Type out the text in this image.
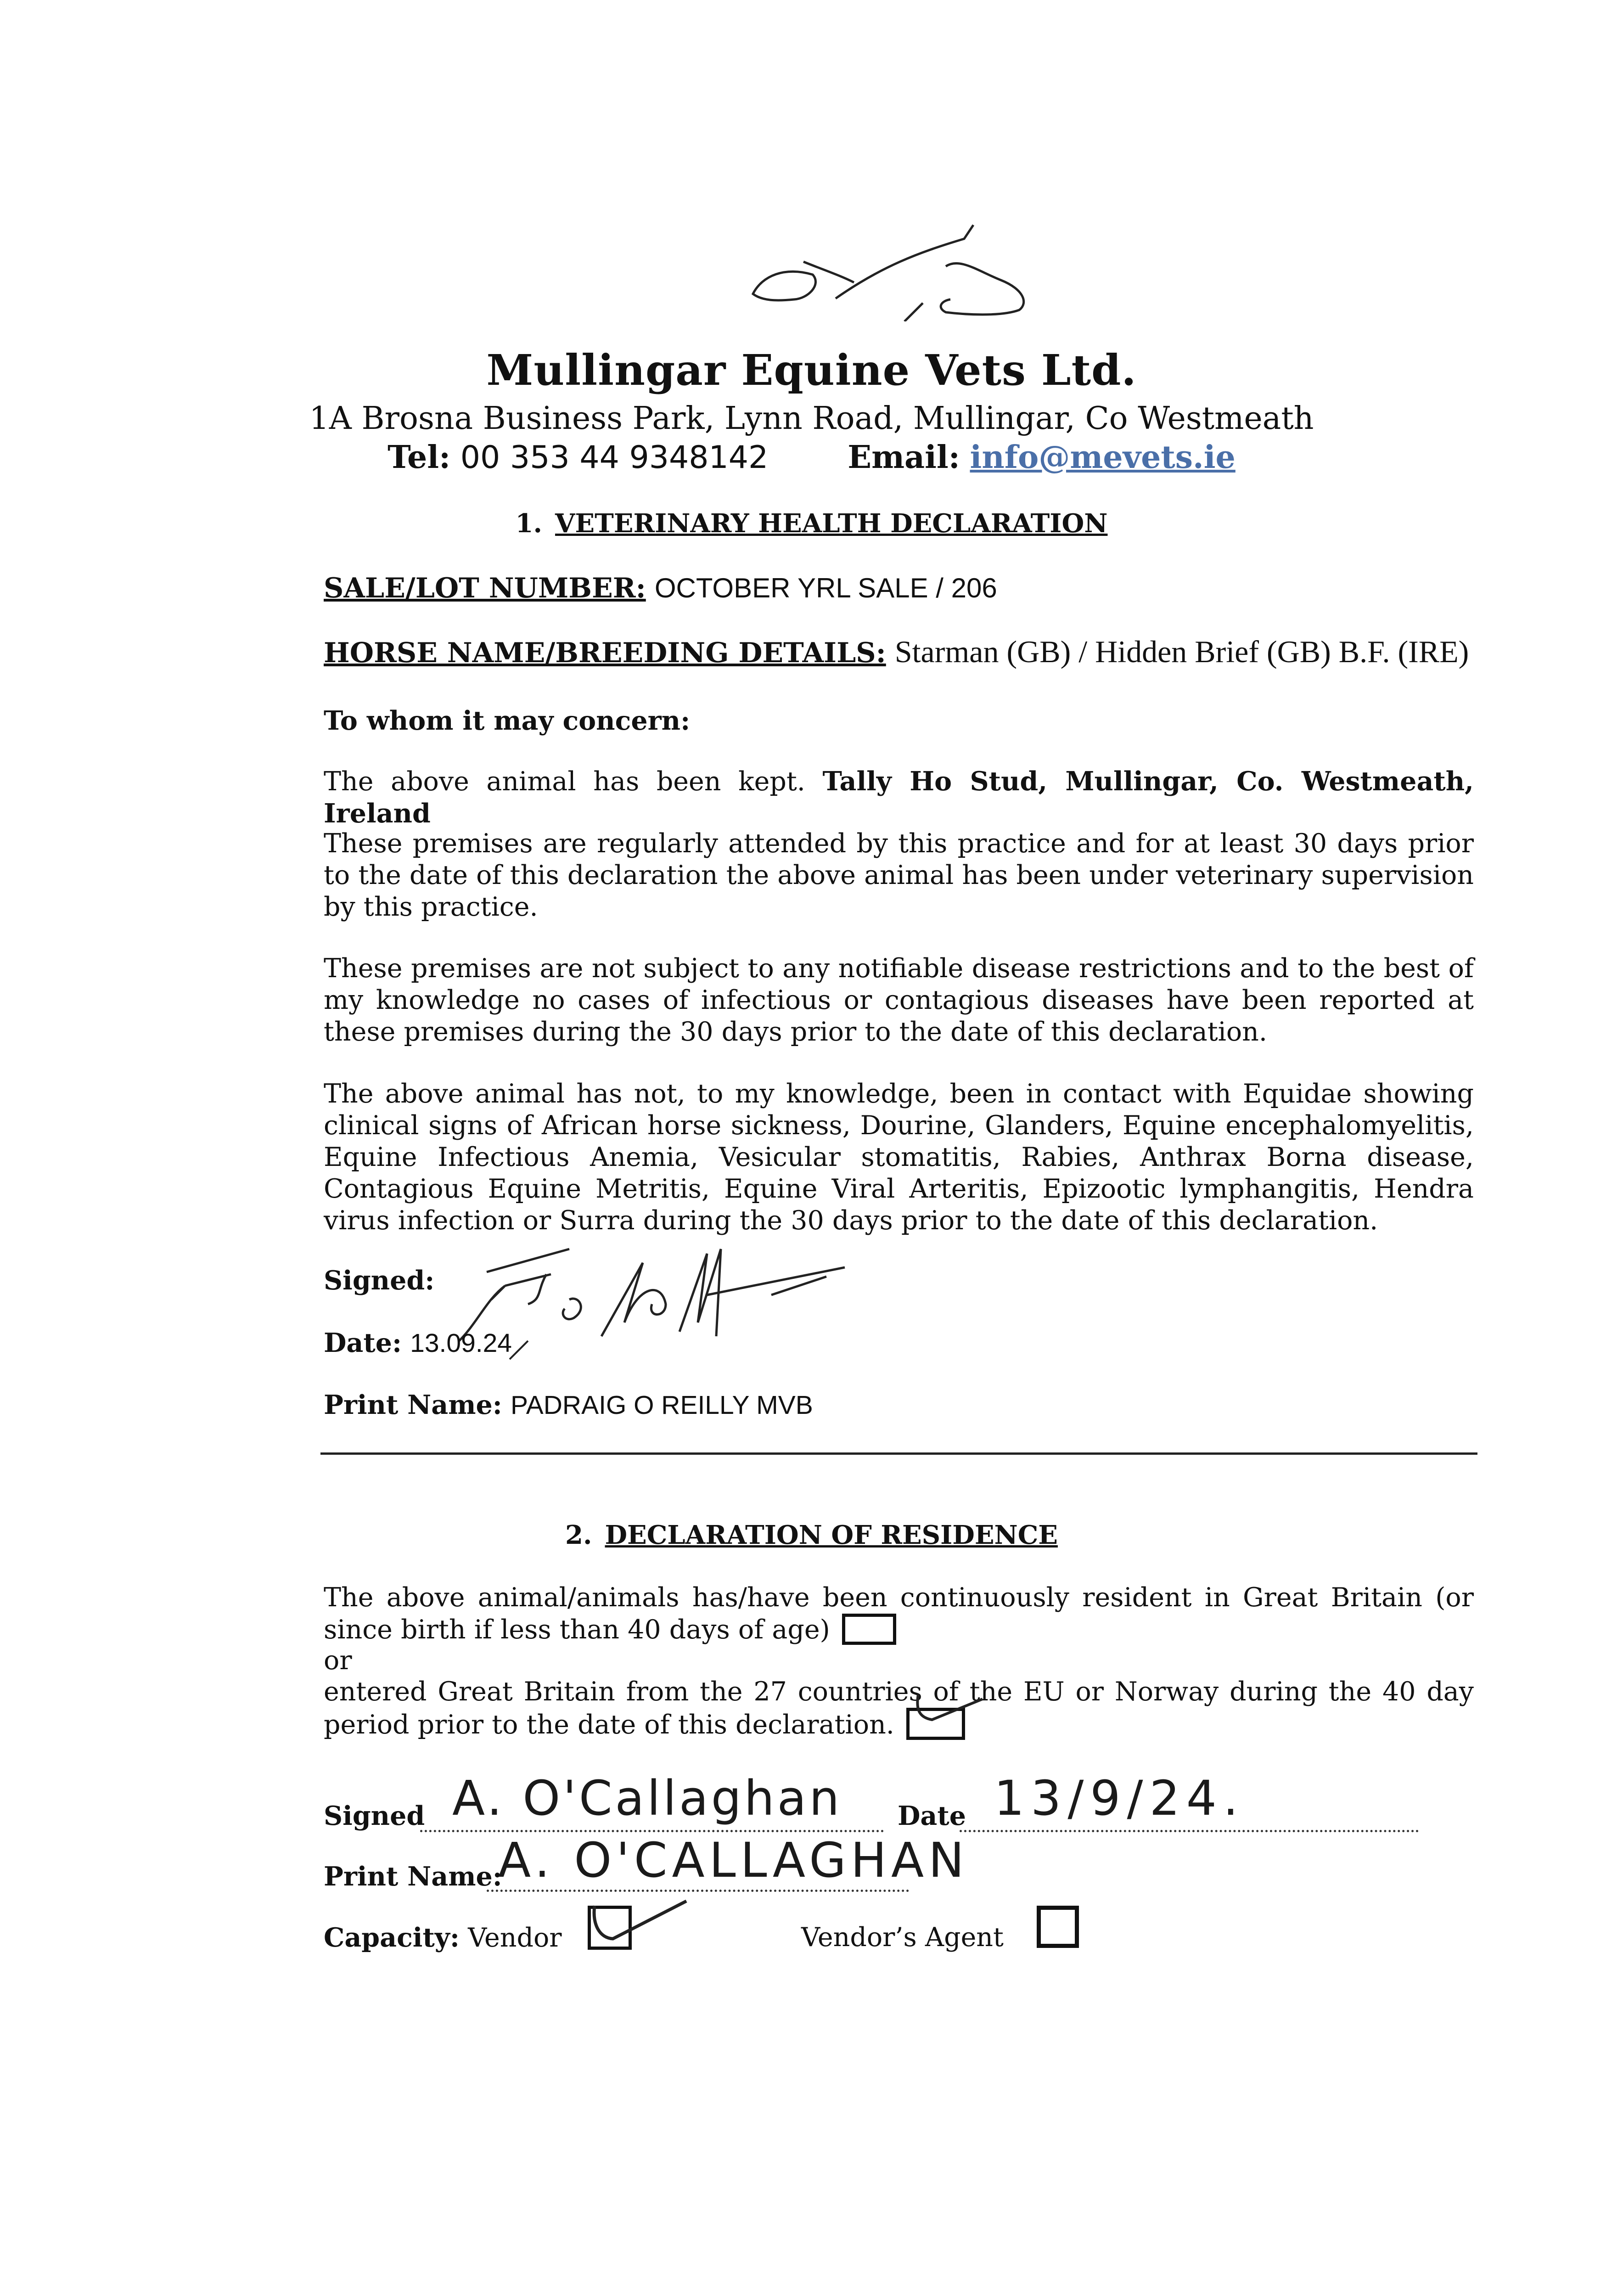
Mullingar Equine Vets Ltd.
1A Brosna Business Park, Lynn Road, Mullingar, Co Westmeath
Tel: 00 353 44 9348142	Email: info@mevets.ie
1. VETERINARY HEALTH DECLARATION
SALE/LOT NUMBER: OCTOBER YRL SALE / 206
HORSE NAME/BREEDING DETAILS: Starman (GB) / Hidden Brief (GB) B.F. (IRE)
To whom it may concern:
The above animal has been kept. Tally Ho Stud, Mullingar, Co. Westmeath, Ireland
These premises are regularly attended by this practice and for at least 30 days prior to the date of this declaration the above animal has been under veterinary supervision by this practice.
These premises are not subject to any notifiable disease restrictions and to the best of my knowledge no cases of infectious or contagious diseases have been reported at these premises during the 30 days prior to the date of this declaration.
The above animal has not, to my knowledge, been in contact with Equidae showing clinical signs of African horse sickness, Dourine, Glanders, Equine encephalomyelitis, Equine Infectious Anemia, Vesicular stomatitis, Rabies, Anthrax Borna disease, Contagious Equine Metritis, Equine Viral Arteritis, Epizootic lymphangitis, Hendra virus infection or Surra during the 30 days prior to the date of this declaration.
Signed:
Date: 13.09.24
Print Name: PADRAIG O REILLY MVB
2. DECLARATION OF RESIDENCE
The above animal/animals has/have been continuously resident in Great Britain (or since birth if less than 40 days of age)
or
entered Great Britain from the 27 countries of the EU or Norway during the 40 day period prior to the date of this declaration.
Signed A. O'Callaghan Date 13/9/24.
Print Name:
A. O'CALLAGHAN
Capacity: Vendor	Vendor’s Agent
